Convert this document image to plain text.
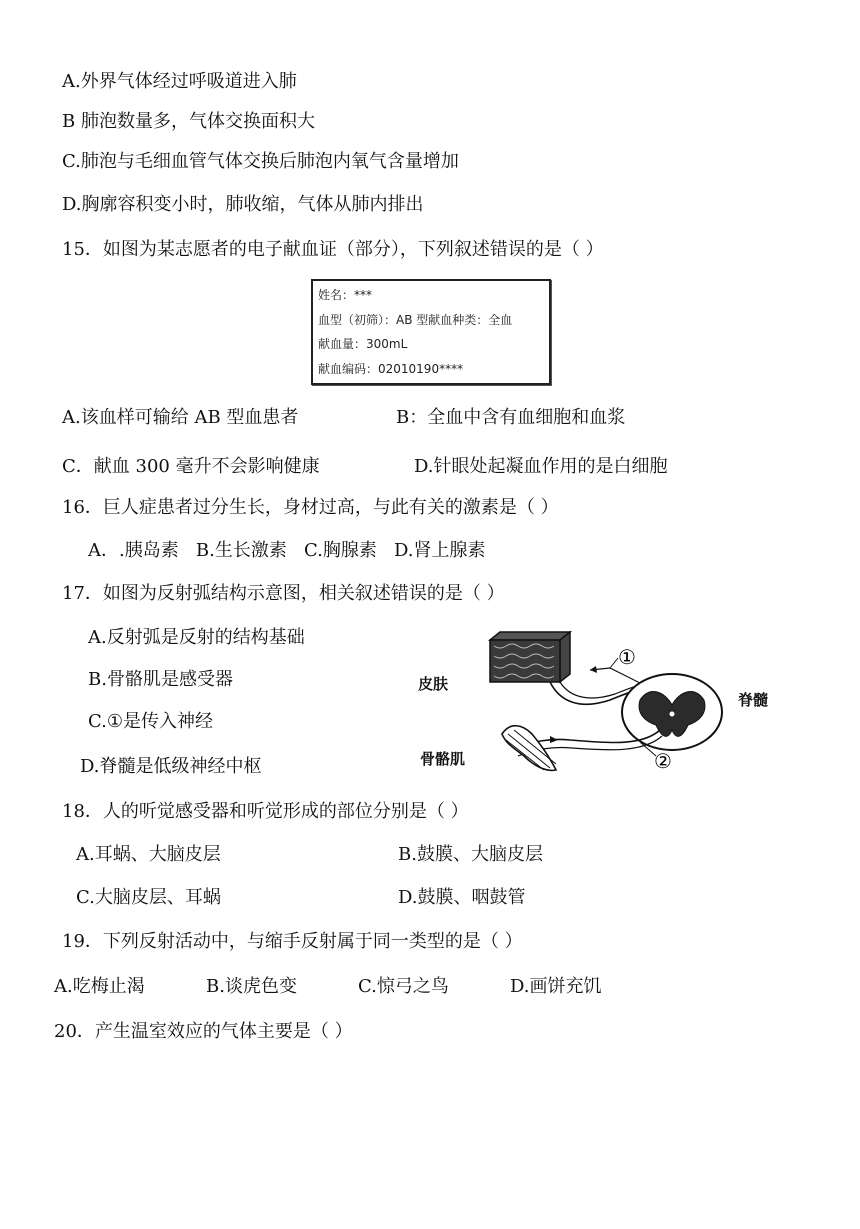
A.外界气体经过呼吸道进入肺
B 肺泡数量多，气体交换面积大
C.肺泡与毛细血管气体交换后肺泡内氧气含量增加
D.胸廓容积变小时，肺收缩，气体从肺内排出
15．如图为某志愿者的电子献血证（部分），下列叙述错误的是（ ）
姓名：***
血型（初筛）：AB 型献血种类：全血
献血量：300mL
献血编码：02010190****
A.该血样可输给 AB 型血患者	B：全血中含有血细胞和血浆
C．献血 300 毫升不会影响健康	D.针眼处起凝血作用的是白细胞
16．巨人症患者过分生长，身材过高，与此有关的激素是（ ）
A．.胰岛素   B.生长激素   C.胸腺素   D.肾上腺素
17．如图为反射弧结构示意图，相关叙述错误的是（ ）
A.反射弧是反射的结构基础
B.骨骼肌是感受器
C.①是传入神经
D.脊髓是低级神经中枢
①
②
皮肤
脊髓
骨骼肌
18．人的听觉感受器和听觉形成的部位分别是（ ）
A.耳蜗、大脑皮层	B.鼓膜、大脑皮层
C.大脑皮层、耳蜗	D.鼓膜、咽鼓管
19．下列反射活动中，与缩手反射属于同一类型的是（ ）
A.吃梅止渴	B.谈虎色变	C.惊弓之鸟	D.画饼充饥
20．产生温室效应的气体主要是（ ）
